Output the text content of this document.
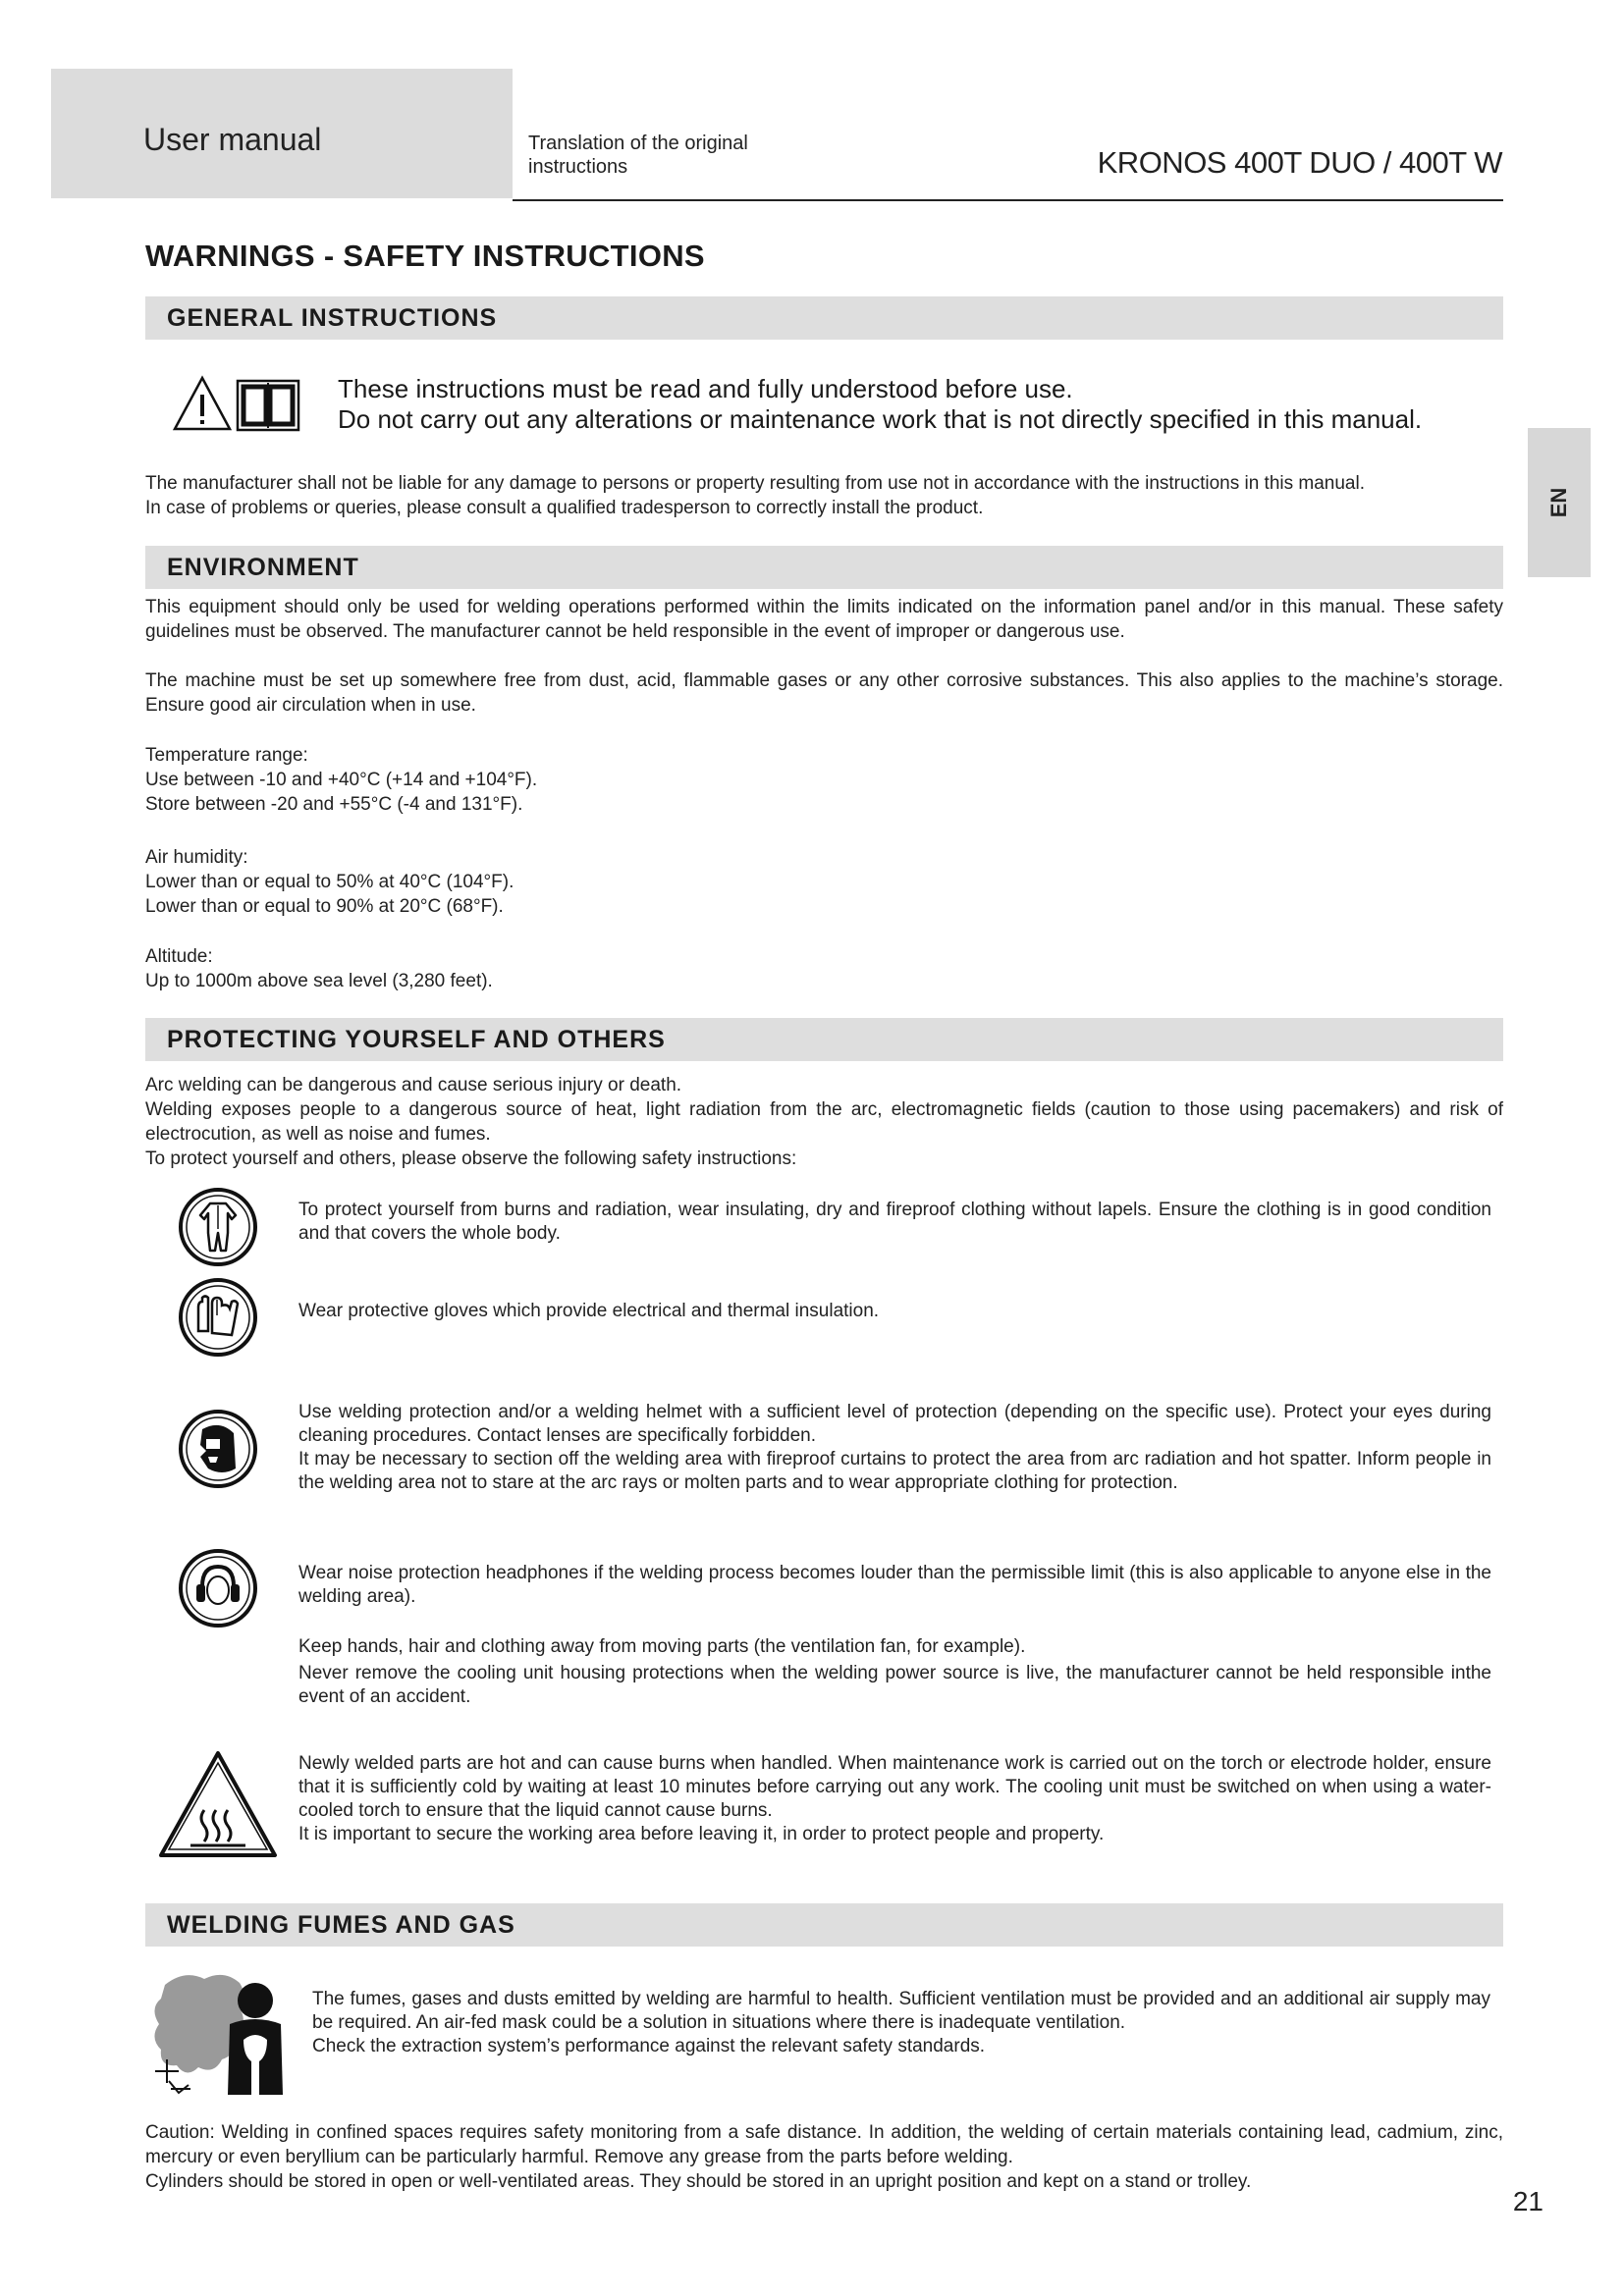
User manual	Translation of the original
instructions	KRONOS 400T DUO / 400T W
EN
WARNINGS - SAFETY INSTRUCTIONS
GENERAL INSTRUCTIONS
These instructions must be read and fully understood before use.
Do not carry out any alterations or maintenance work that is not directly specified in this manual.
The manufacturer shall not be liable for any damage to persons or property resulting from use not in accordance with the instructions in this manual.
In case of problems or queries, please consult a qualified tradesperson to correctly install the product.
ENVIRONMENT
This equipment should only be used for welding operations performed within the limits indicated on the information panel and/or in this manual. These safety guidelines must be observed. The manufacturer cannot be held responsible in the event of improper or dangerous use.
The machine must be set up somewhere free from dust, acid, flammable gases or any other corrosive substances. This also applies to the machine’s storage. Ensure good air circulation when in use.
Temperature range:
Use between -10 and +40°C (+14 and +104°F).
Store between -20 and +55°C (-4 and 131°F).
Air humidity:
Lower than or equal to 50% at 40°C (104°F).
Lower than or equal to 90% at 20°C (68°F).
Altitude:
Up to 1000m above sea level (3,280 feet).
PROTECTING YOURSELF AND OTHERS
Arc welding can be dangerous and cause serious injury or death.
Welding exposes people to a dangerous source of heat, light radiation from the arc, electromagnetic fields (caution to those using pacemakers) and risk of electrocution, as well as noise and fumes.
To protect yourself and others, please observe the following safety instructions:
To protect yourself from burns and radiation, wear insulating, dry and fireproof clothing without lapels. Ensure the clothing is in good condition and that covers the whole body.
Wear protective gloves which provide electrical and thermal insulation.
Use welding protection and/or a welding helmet with a sufficient level of protection (depending on the specific use). Protect your eyes during cleaning procedures. Contact lenses are specifically forbidden.
It may be necessary to section off the welding area with fireproof curtains to protect the area from arc radiation and hot spatter. Inform people in the welding area not to stare at the arc rays or molten parts and to wear appropriate clothing for protection.
Wear noise protection headphones if the welding process becomes louder than the permissible limit (this is also applicable to anyone else in the welding area).
Keep hands, hair and clothing away from moving parts (the ventilation fan, for example).
Never remove the cooling unit housing protections when the welding power source is live, the manufacturer cannot be held responsible inthe event of an accident.
Newly welded parts are hot and can cause burns when handled. When maintenance work is carried out on the torch or electrode holder, ensure that it is sufficiently cold by waiting at least 10 minutes before carrying out any work. The cooling unit must be switched on when using a water-cooled torch to ensure that the liquid cannot cause burns.
It is important to secure the working area before leaving it, in order to protect people and property.
WELDING FUMES AND GAS
The fumes, gases and dusts emitted by welding are harmful to health. Sufficient ventilation must be provided and an additional air supply may be required. An air-fed mask could be a solution in situations where there is inadequate ventilation.
Check the extraction system’s performance against the relevant safety standards.
Caution: Welding in confined spaces requires safety monitoring from a safe distance. In addition, the welding of certain materials containing lead, cadmium, zinc, mercury or even beryllium can be particularly harmful. Remove any grease from the parts before welding.
Cylinders should be stored in open or well-ventilated areas. They should be stored in an upright position and kept on a stand or trolley.
21
